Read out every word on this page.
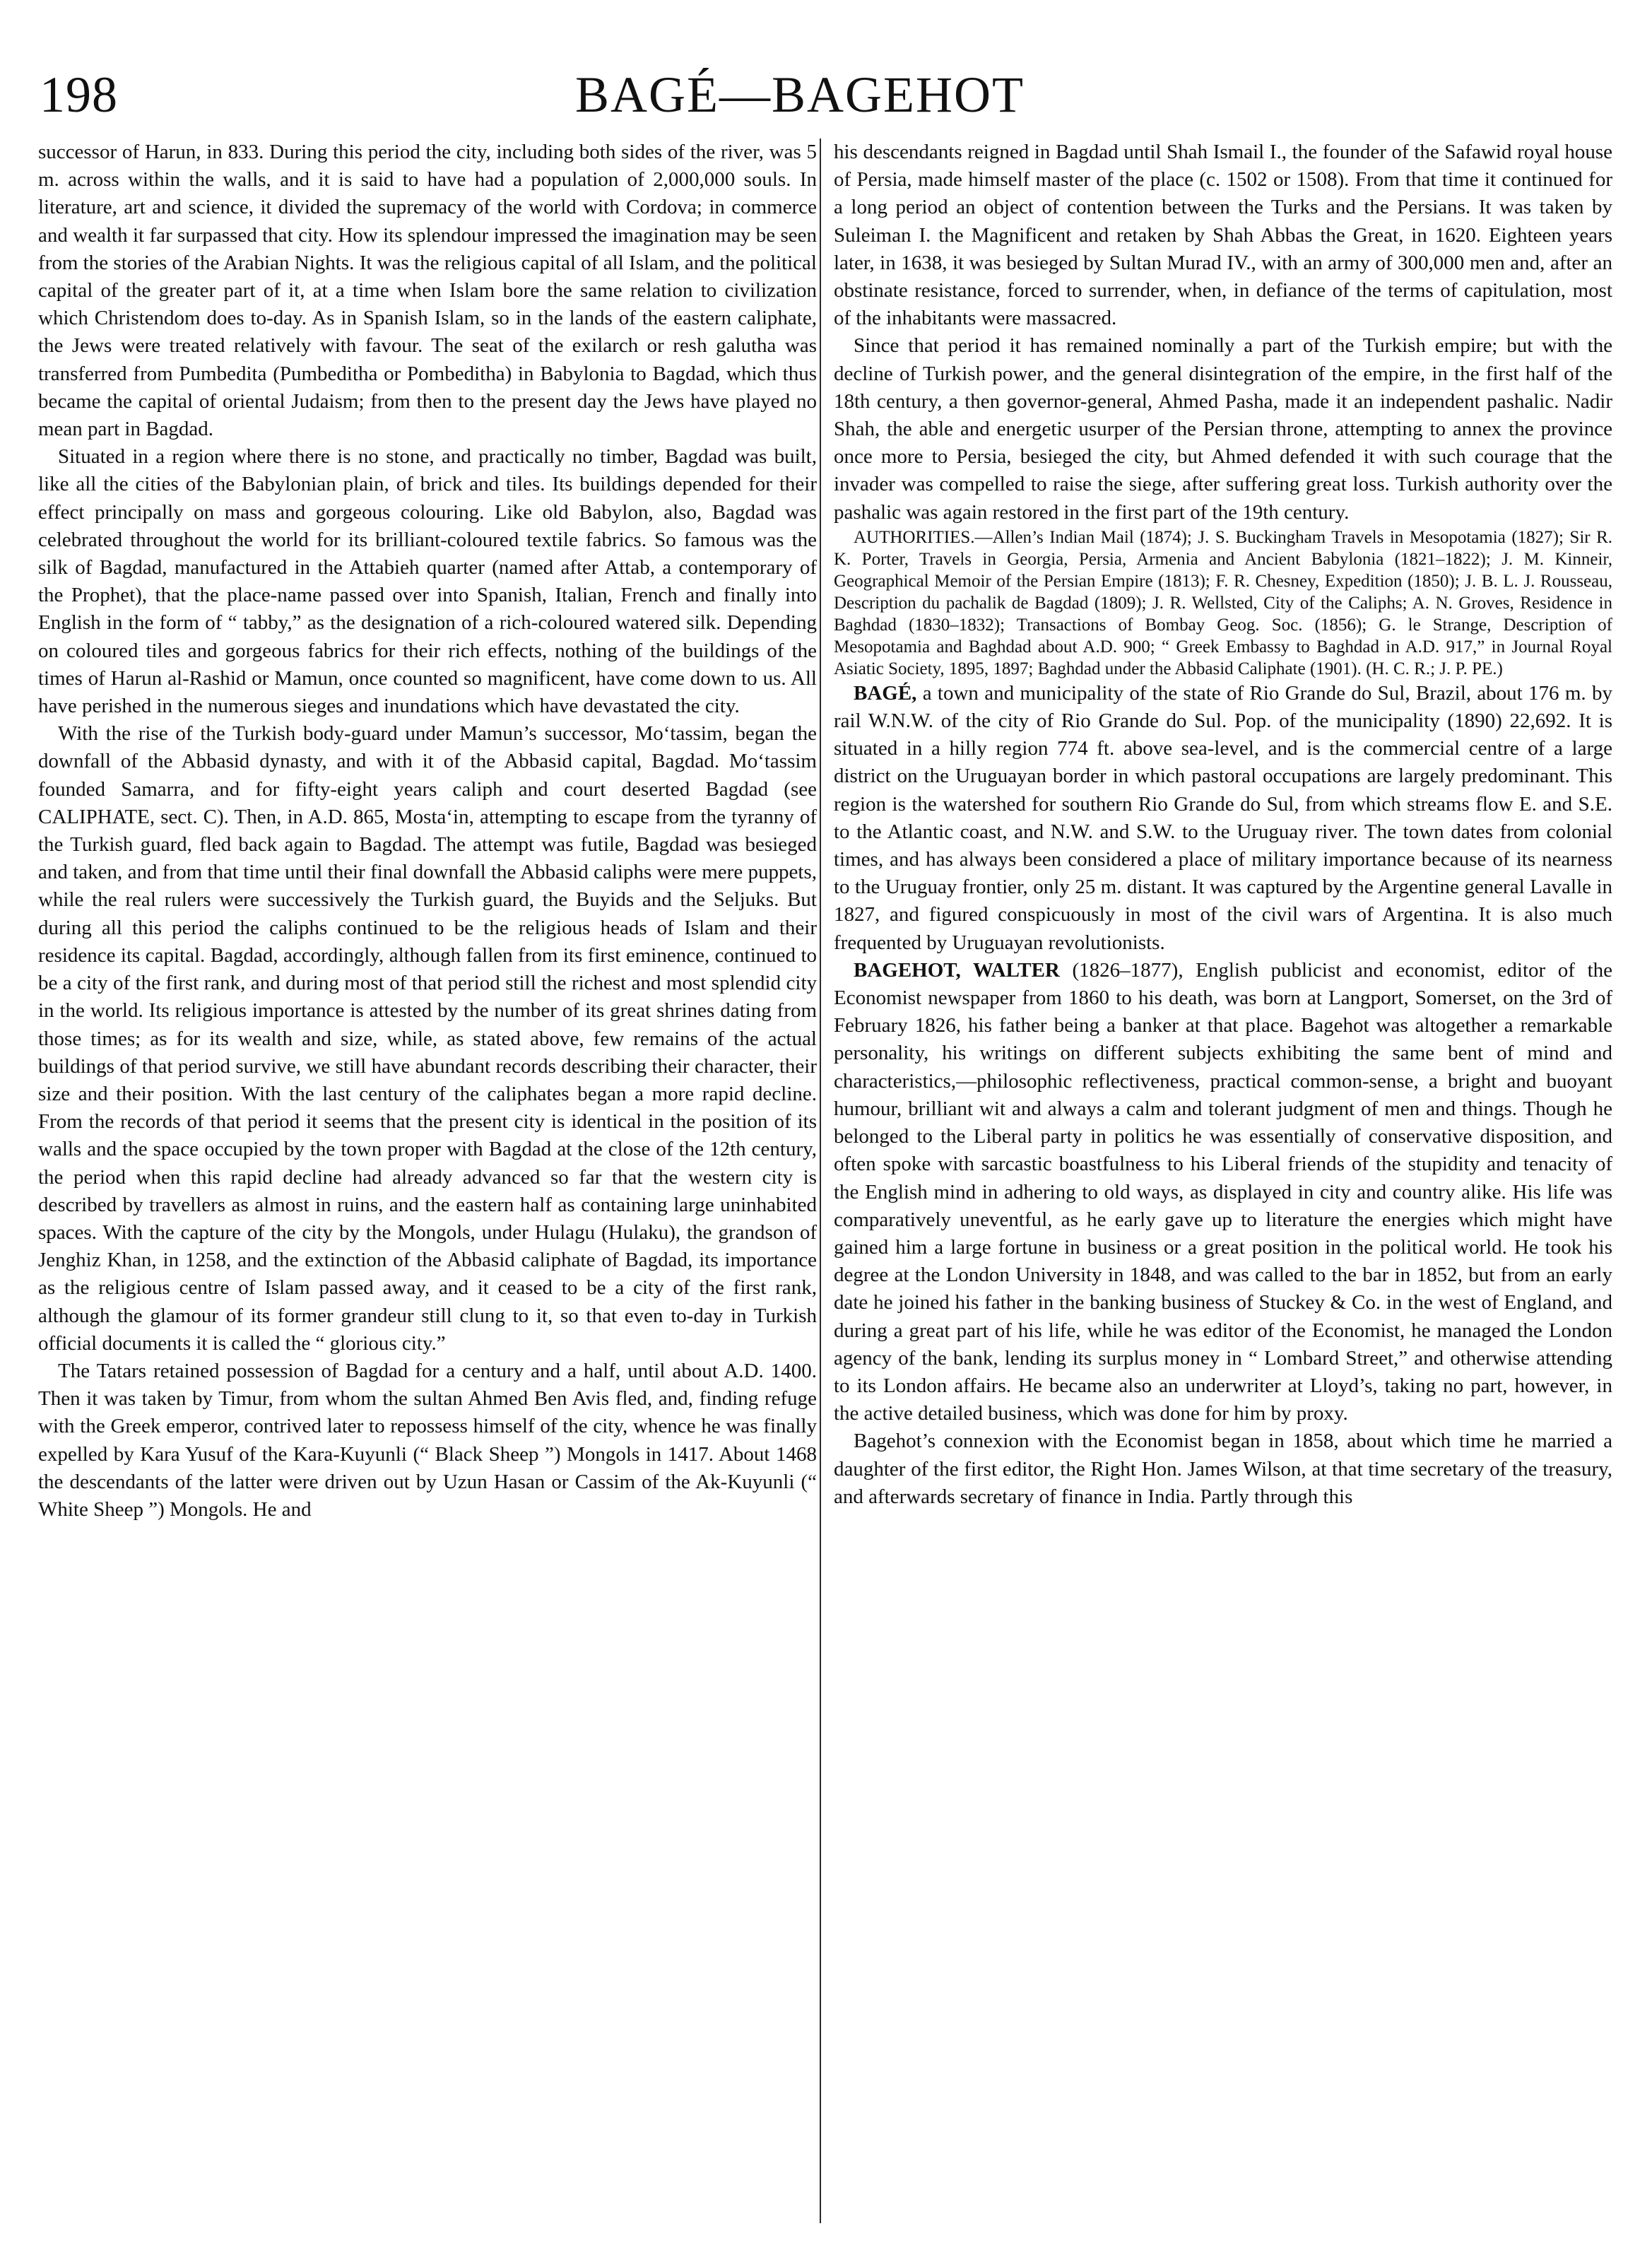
198	BAGÉ—BAGEHOT

successor of Harun, in 833. During this period the city, including both sides of the river, was 5 m. across within the walls, and it is said to have had a population of 2,000,000 souls. In literature, art and science, it divided the supremacy of the world with Cordova; in commerce and wealth it far surpassed that city. How its splendour impressed the imagination may be seen from the stories of the Arabian Nights. It was the religious capital of all Islam, and the political capital of the greater part of it, at a time when Islam bore the same relation to civilization which Christendom does to-day. As in Spanish Islam, so in the lands of the eastern caliphate, the Jews were treated relatively with favour. The seat of the exilarch or resh galutha was transferred from Pumbedita (Pumbeditha or Pombeditha) in Babylonia to Bagdad, which thus became the capital of oriental Judaism; from then to the present day the Jews have played no mean part in Bagdad.

Situated in a region where there is no stone, and practically no timber, Bagdad was built, like all the cities of the Babylonian plain, of brick and tiles. Its buildings depended for their effect principally on mass and gorgeous colouring. Like old Babylon, also, Bagdad was celebrated throughout the world for its brilliant-coloured textile fabrics. So famous was the silk of Bagdad, manufactured in the Attabieh quarter (named after Attab, a contemporary of the Prophet), that the place-name passed over into Spanish, Italian, French and finally into English in the form of “ tabby,” as the designation of a rich-coloured watered silk. Depending on coloured tiles and gorgeous fabrics for their rich effects, nothing of the buildings of the times of Harun al-Rashid or Mamun, once counted so magnificent, have come down to us. All have perished in the numerous sieges and inundations which have devastated the city.

With the rise of the Turkish body-guard under Mamun’s successor, Mo‘tassim, began the downfall of the Abbasid dynasty, and with it of the Abbasid capital, Bagdad. Mo‘tassim founded Samarra, and for fifty-eight years caliph and court deserted Bagdad (see CALIPHATE, sect. C). Then, in A.D. 865, Mosta‘in, attempting to escape from the tyranny of the Turkish guard, fled back again to Bagdad. The attempt was futile, Bagdad was besieged and taken, and from that time until their final downfall the Abbasid caliphs were mere puppets, while the real rulers were successively the Turkish guard, the Buyids and the Seljuks. But during all this period the caliphs continued to be the religious heads of Islam and their residence its capital. Bagdad, accordingly, although fallen from its first eminence, continued to be a city of the first rank, and during most of that period still the richest and most splendid city in the world. Its religious importance is attested by the number of its great shrines dating from those times; as for its wealth and size, while, as stated above, few remains of the actual buildings of that period survive, we still have abundant records describing their character, their size and their position. With the last century of the caliphates began a more rapid decline. From the records of that period it seems that the present city is identical in the position of its walls and the space occupied by the town proper with Bagdad at the close of the 12th century, the period when this rapid decline had already advanced so far that the western city is described by travellers as almost in ruins, and the eastern half as containing large uninhabited spaces. With the capture of the city by the Mongols, under Hulagu (Hulaku), the grandson of Jenghiz Khan, in 1258, and the extinction of the Abbasid caliphate of Bagdad, its importance as the religious centre of Islam passed away, and it ceased to be a city of the first rank, although the glamour of its former grandeur still clung to it, so that even to-day in Turkish official documents it is called the “ glorious city.”

The Tatars retained possession of Bagdad for a century and a half, until about A.D. 1400. Then it was taken by Timur, from whom the sultan Ahmed Ben Avis fled, and, finding refuge with the Greek emperor, contrived later to repossess himself of the city, whence he was finally expelled by Kara Yusuf of the Kara-Kuyunli (“ Black Sheep ”) Mongols in 1417. About 1468 the descendants of the latter were driven out by Uzun Hasan or Cassim of the Ak-Kuyunli (“ White Sheep ”) Mongols. He and

his descendants reigned in Bagdad until Shah Ismail I., the founder of the Safawid royal house of Persia, made himself master of the place (c. 1502 or 1508). From that time it continued for a long period an object of contention between the Turks and the Persians. It was taken by Suleiman I. the Magnificent and retaken by Shah Abbas the Great, in 1620. Eighteen years later, in 1638, it was besieged by Sultan Murad IV., with an army of 300,000 men and, after an obstinate resistance, forced to surrender, when, in defiance of the terms of capitulation, most of the inhabitants were massacred.

Since that period it has remained nominally a part of the Turkish empire; but with the decline of Turkish power, and the general disintegration of the empire, in the first half of the 18th century, a then governor-general, Ahmed Pasha, made it an independent pashalic. Nadir Shah, the able and energetic usurper of the Persian throne, attempting to annex the province once more to Persia, besieged the city, but Ahmed defended it with such courage that the invader was compelled to raise the siege, after suffering great loss. Turkish authority over the pashalic was again restored in the first part of the 19th century.

AUTHORITIES.—Allen’s Indian Mail (1874); J. S. Buckingham Travels in Mesopotamia (1827); Sir R. K. Porter, Travels in Georgia, Persia, Armenia and Ancient Babylonia (1821–1822); J. M. Kinneir, Geographical Memoir of the Persian Empire (1813); F. R. Chesney, Expedition (1850); J. B. L. J. Rousseau, Description du pachalik de Bagdad (1809); J. R. Wellsted, City of the Caliphs; A. N. Groves, Residence in Baghdad (1830–1832); Transactions of Bombay Geog. Soc. (1856); G. le Strange, Description of Mesopotamia and Baghdad about A.D. 900; “ Greek Embassy to Baghdad in A.D. 917,” in Journal Royal Asiatic Society, 1895, 1897; Baghdad under the Abbasid Caliphate (1901). (H. C. R.; J. P. PE.)

BAGÉ, a town and municipality of the state of Rio Grande do Sul, Brazil, about 176 m. by rail W.N.W. of the city of Rio Grande do Sul. Pop. of the municipality (1890) 22,692. It is situated in a hilly region 774 ft. above sea-level, and is the commercial centre of a large district on the Uruguayan border in which pastoral occupations are largely predominant. This region is the watershed for southern Rio Grande do Sul, from which streams flow E. and S.E. to the Atlantic coast, and N.W. and S.W. to the Uruguay river. The town dates from colonial times, and has always been considered a place of military importance because of its nearness to the Uruguay frontier, only 25 m. distant. It was captured by the Argentine general Lavalle in 1827, and figured conspicuously in most of the civil wars of Argentina. It is also much frequented by Uruguayan revolutionists.

BAGEHOT, WALTER (1826–1877), English publicist and economist, editor of the Economist newspaper from 1860 to his death, was born at Langport, Somerset, on the 3rd of February 1826, his father being a banker at that place. Bagehot was altogether a remarkable personality, his writings on different subjects exhibiting the same bent of mind and characteristics,—philosophic reflectiveness, practical common-sense, a bright and buoyant humour, brilliant wit and always a calm and tolerant judgment of men and things. Though he belonged to the Liberal party in politics he was essentially of conservative disposition, and often spoke with sarcastic boastfulness to his Liberal friends of the stupidity and tenacity of the English mind in adhering to old ways, as displayed in city and country alike. His life was comparatively uneventful, as he early gave up to literature the energies which might have gained him a large fortune in business or a great position in the political world. He took his degree at the London University in 1848, and was called to the bar in 1852, but from an early date he joined his father in the banking business of Stuckey & Co. in the west of England, and during a great part of his life, while he was editor of the Economist, he managed the London agency of the bank, lending its surplus money in “ Lombard Street,” and otherwise attending to its London affairs. He became also an underwriter at Lloyd’s, taking no part, however, in the active detailed business, which was done for him by proxy.

Bagehot’s connexion with the Economist began in 1858, about which time he married a daughter of the first editor, the Right Hon. James Wilson, at that time secretary of the treasury, and afterwards secretary of finance in India. Partly through this
